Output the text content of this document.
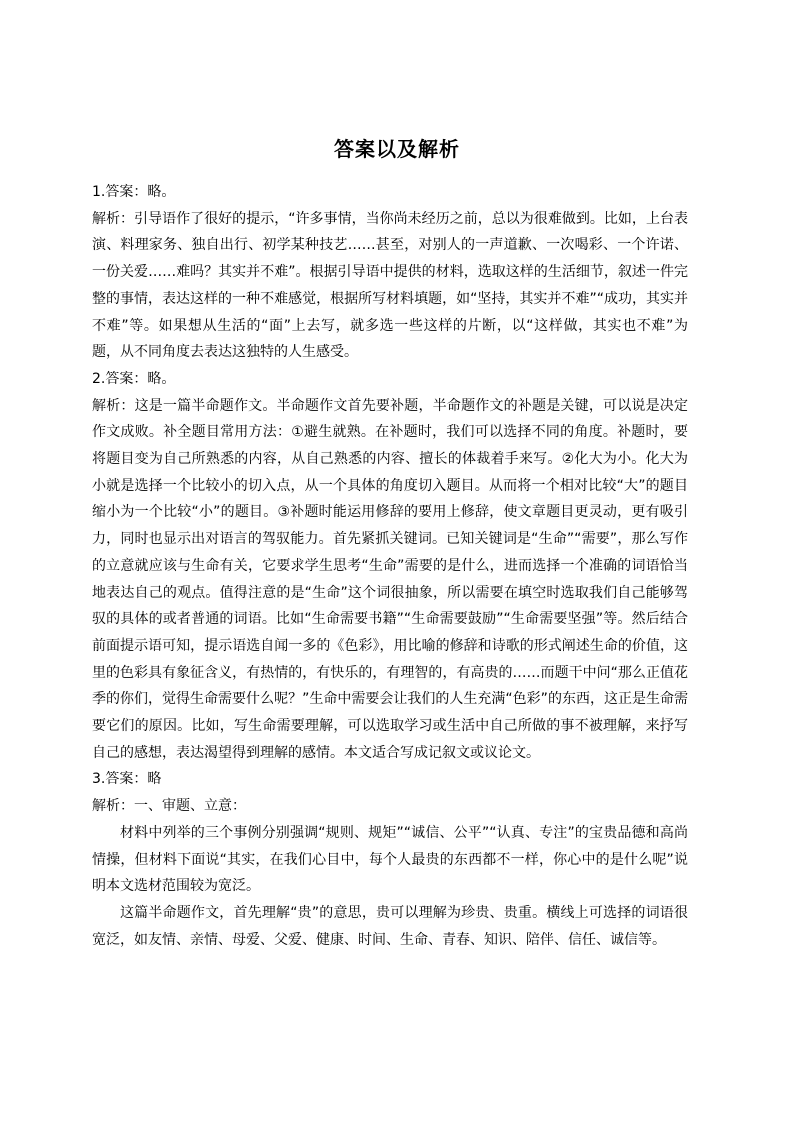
答案以及解析

1.答案：略。

解析：引导语作了很好的提示，“许多事情，当你尚未经历之前，总以为很难做到。比如，上台表演、料理家务、独自出行、初学某种技艺……甚至，对别人的一声道歉、一次喝彩、一个许诺、一份关爱……难吗？其实并不难”。根据引导语中提供的材料，选取这样的生活细节，叙述一件完整的事情，表达这样的一种不难感觉，根据所写材料填题，如“坚持，其实并不难”“成功，其实并不难”等。如果想从生活的“面”上去写，就多选一些这样的片断，以“这样做，其实也不难”为题，从不同角度去表达这独特的人生感受。

2.答案：略。

解析：这是一篇半命题作文。半命题作文首先要补题，半命题作文的补题是关键，可以说是决定作文成败。补全题目常用方法：①避生就熟。在补题时，我们可以选择不同的角度。补题时，要将题目变为自己所熟悉的内容，从自己熟悉的内容、擅长的体裁着手来写。②化大为小。化大为小就是选择一个比较小的切入点，从一个具体的角度切入题目。从而将一个相对比较“大”的题目缩小为一个比较“小”的题目。③补题时能运用修辞的要用上修辞，使文章题目更灵动，更有吸引力，同时也显示出对语言的驾驭能力。首先紧抓关键词。已知关键词是“生命”“需要”，那么写作的立意就应该与生命有关，它要求学生思考“生命”需要的是什么，进而选择一个准确的词语恰当地表达自己的观点。值得注意的是“生命”这个词很抽象，所以需要在填空时选取我们自己能够驾驭的具体的或者普通的词语。比如“生命需要书籍”“生命需要鼓励”“生命需要坚强”等。然后结合前面提示语可知，提示语选自闻一多的《色彩》，用比喻的修辞和诗歌的形式阐述生命的价值，这里的色彩具有象征含义，有热情的，有快乐的，有理智的，有高贵的……而题干中问“那么正值花季的你们，觉得生命需要什么呢？”生命中需要会让我们的人生充满“色彩”的东西，这正是生命需要它们的原因。比如，写生命需要理解，可以选取学习或生活中自己所做的事不被理解，来抒写自己的感想，表达渴望得到理解的感情。本文适合写成记叙文或议论文。

3.答案：略

解析：一、审题、立意：

材料中列举的三个事例分别强调“规则、规矩”“诚信、公平”“认真、专注”的宝贵品德和高尚情操，但材料下面说“其实，在我们心目中，每个人最贵的东西都不一样，你心中的是什么呢”说明本文选材范围较为宽泛。

这篇半命题作文，首先理解“贵”的意思，贵可以理解为珍贵、贵重。横线上可选择的词语很宽泛，如友情、亲情、母爱、父爱、健康、时间、生命、青春、知识、陪伴、信任、诚信等。
